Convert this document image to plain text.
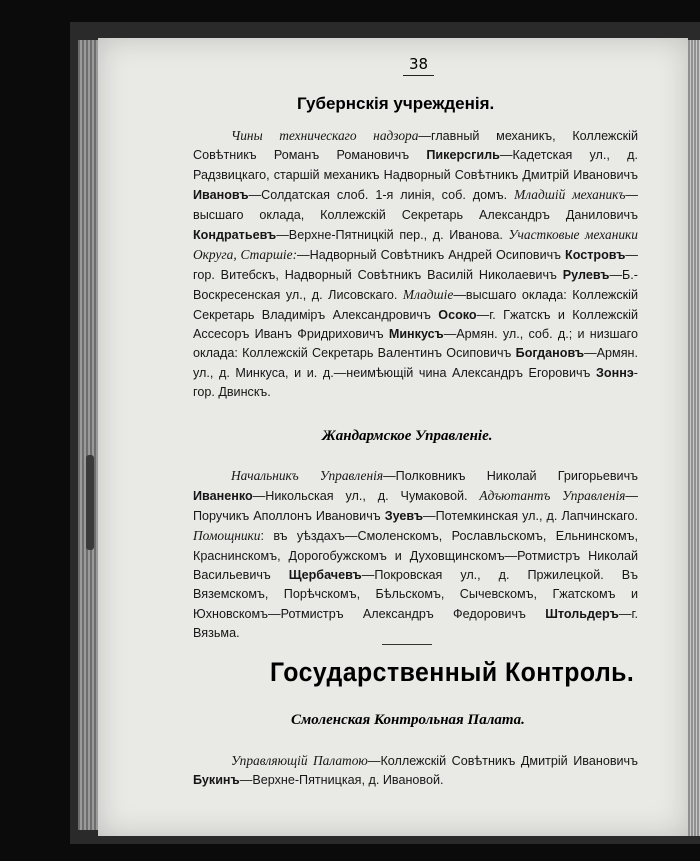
38

Губернскія учрежденія.

Чины техническаго надзора—главный механикъ, Коллежскій Совѣтникъ Романъ Романовичъ Пикерсгиль—Кадетская ул., д. Радзвицкаго, старшій механикъ Надворный Совѣтникъ Дмитрій Ивановичъ Ивановъ—Солдатская слоб. 1-я линія, соб. домъ. Младшій механикъ—высшаго оклада, Коллежскій Секретарь Александръ Даниловичъ Кондратьевъ—Верхне-Пятницкій пер., д. Иванова. Участковые механики Округа, Старшіе:—Надворный Совѣтникъ Андрей Осиповичъ Костровъ—гор. Витебскъ, Надворный Совѣтникъ Василій Николаевичъ Рулевъ—Б.-Воскресенская ул., д. Лисовскаго. Младшіе—высшаго оклада: Коллежскій Секретарь Владиміръ Александровичъ Осоко—г. Гжатскъ и Коллежскій Ассесоръ Иванъ Фридриховичъ Минкусъ—Армян. ул., соб. д.; и низшаго оклада: Коллежскій Секретарь Валентинъ Осиповичъ Богдановъ—Армян. ул., д. Минкуса, и и. д.—неимѣющій чина Александръ Егоровичъ Зоннэ- гор. Двинскъ.

Жандармское Управленіе.

Начальникъ Управленія—Полковникъ Николай Григорьевичъ Иваненко—Никольская ул., д. Чумаковой. Адъютантъ Управленія—Поручикъ Аполлонъ Ивановичъ Зуевъ—Потемкинская ул., д. Лапчинскаго. Помощники: въ уѣздахъ—Смоленскомъ, Рославльскомъ, Ельнинскомъ, Краснинскомъ, Дорогобужскомъ и Духовщинскомъ—Ротмистръ Николай Васильевичъ Щербачевъ—Покровская ул., д. Пржилецкой. Въ Вяземскомъ, Порѣчскомъ, Бѣльскомъ, Сычевскомъ, Гжатскомъ и Юхновскомъ—Ротмистръ Александръ Федоровичъ Штольдеръ—г. Вязьма.

Государственный Контроль.

Смоленская Контрольная Палата.

Управляющій Палатою—Коллежскій Совѣтникъ Дмитрій Ивановичъ Букинъ—Верхне-Пятницкая, д. Ивановой.
